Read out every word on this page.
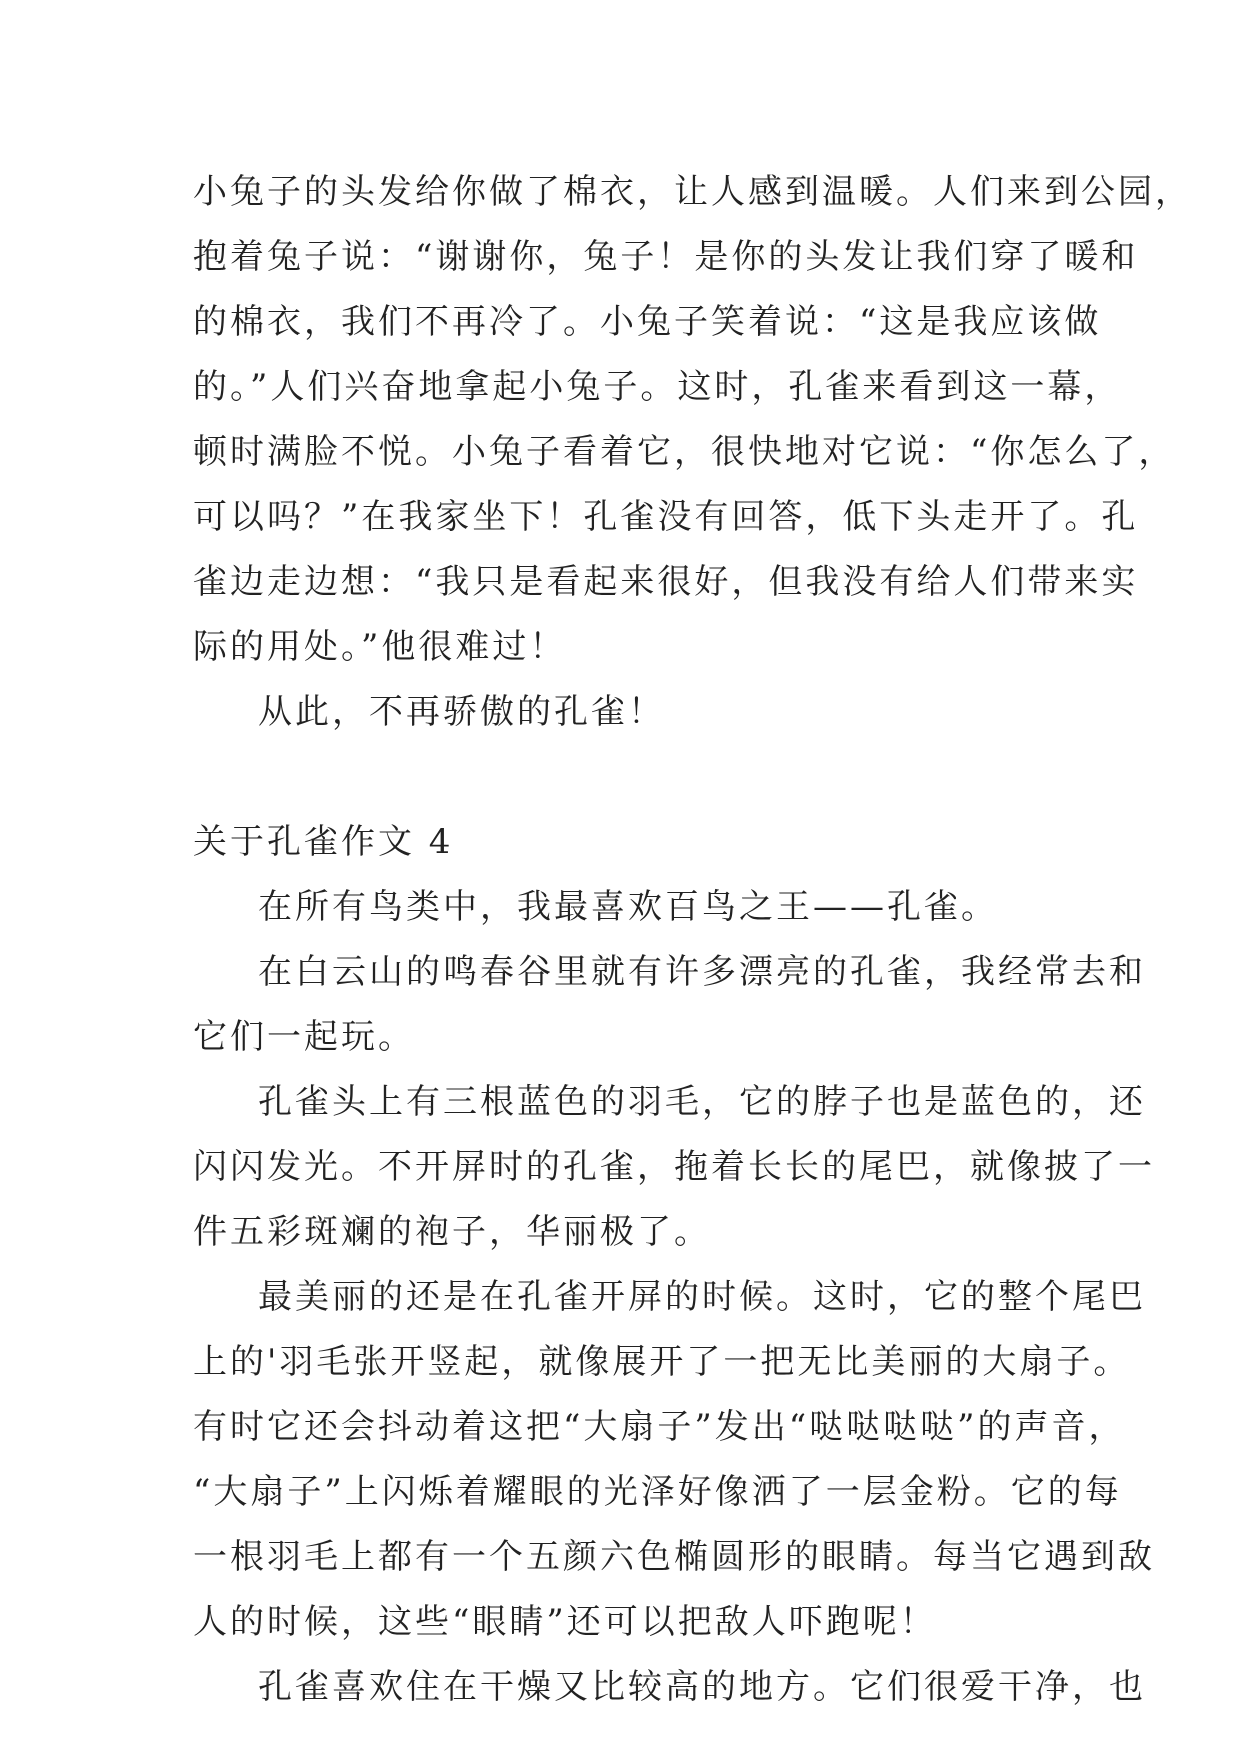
小兔子的头发给你做了棉衣，让人感到温暖。人们来到公园，
抱着兔子说：“谢谢你，兔子！是你的头发让我们穿了暖和
的棉衣，我们不再冷了。小兔子笑着说：“这是我应该做
的。”人们兴奋地拿起小兔子。这时，孔雀来看到这一幕，
顿时满脸不悦。小兔子看着它，很快地对它说：“你怎么了，
可以吗？”在我家坐下！孔雀没有回答，低下头走开了。孔
雀边走边想：“我只是看起来很好，但我没有给人们带来实
际的用处。”他很难过！
从此，不再骄傲的孔雀！
关于孔雀作文 4
在所有鸟类中，我最喜欢百鸟之王——孔雀。
在白云山的鸣春谷里就有许多漂亮的孔雀，我经常去和
它们一起玩。
孔雀头上有三根蓝色的羽毛，它的脖子也是蓝色的，还
闪闪发光。不开屏时的孔雀，拖着长长的尾巴，就像披了一
件五彩斑斓的袍子，华丽极了。
最美丽的还是在孔雀开屏的时候。这时，它的整个尾巴
上的'羽毛张开竖起，就像展开了一把无比美丽的大扇子。
有时它还会抖动着这把“大扇子”发出“哒哒哒哒”的声音，
“大扇子”上闪烁着耀眼的光泽好像洒了一层金粉。它的每
一根羽毛上都有一个五颜六色椭圆形的眼睛。每当它遇到敌
人的时候，这些“眼睛”还可以把敌人吓跑呢！
孔雀喜欢住在干燥又比较高的地方。它们很爱干净，也
